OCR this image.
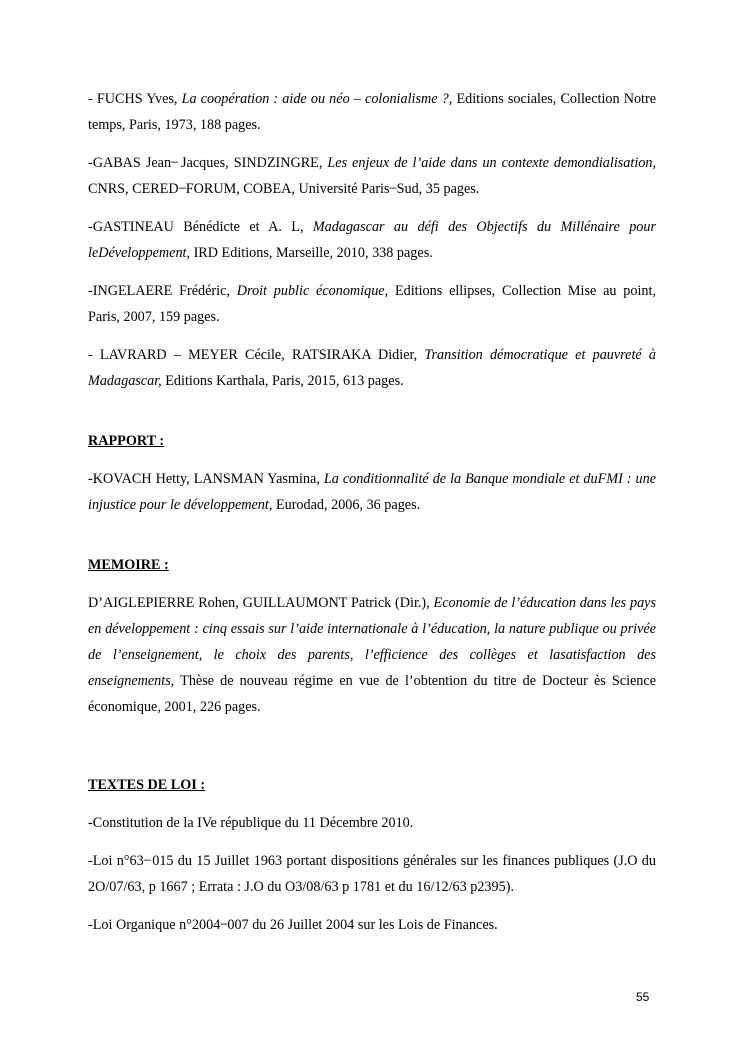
- FUCHS Yves, La coopération : aide ou néo – colonialisme ?, Editions sociales, Collection Notre temps, Paris, 1973, 188 pages.

-GABAS Jean ̶ Jacques, SINDZINGRE, Les enjeux de l’aide dans un contexte demondialisation, CNRS, CERED ̶ FORUM, COBEA, Université Paris ̶ Sud, 35 pages.

-GASTINEAU Bénédicte et A. L, Madagascar au défi des Objectifs du Millénaire pour leDéveloppement, IRD Editions, Marseille, 2010, 338 pages.

-INGELAERE Frédéric, Droit public économique, Editions ellipses, Collection Mise au point, Paris, 2007, 159 pages.

- LAVRARD – MEYER Cécile, RATSIRAKA Didier, Transition démocratique et pauvreté à Madagascar, Editions Karthala, Paris, 2015, 613 pages.

RAPPORT :

-KOVACH Hetty, LANSMAN Yasmina, La conditionnalité de la Banque mondiale et duFMI : une injustice pour le développement, Eurodad, 2006, 36 pages.

MEMOIRE :

D’AIGLEPIERRE Rohen, GUILLAUMONT Patrick (Dir.), Economie de l’éducation dans les pays en développement : cinq essais sur l’aide internationale à l’éducation, la nature publique ou privée de l’enseignement, le choix des parents, l’efficience des collèges et lasatisfaction des enseignements, Thèse de nouveau régime en vue de l’obtention du titre de Docteur ès Science économique, 2001, 226 pages.

TEXTES DE LOI :

-Constitution de la IVe république du 11 Décembre 2010.

-Loi n°63 ̶ 015 du 15 Juillet 1963 portant dispositions générales sur les finances publiques (J.O du 2O/07/63, p 1667 ; Errata : J.O du O3/08/63 p 1781 et du 16/12/63 p2395).

-Loi Organique n°2004 ̶ 007 du 26 Juillet 2004 sur les Lois de Finances.

55
